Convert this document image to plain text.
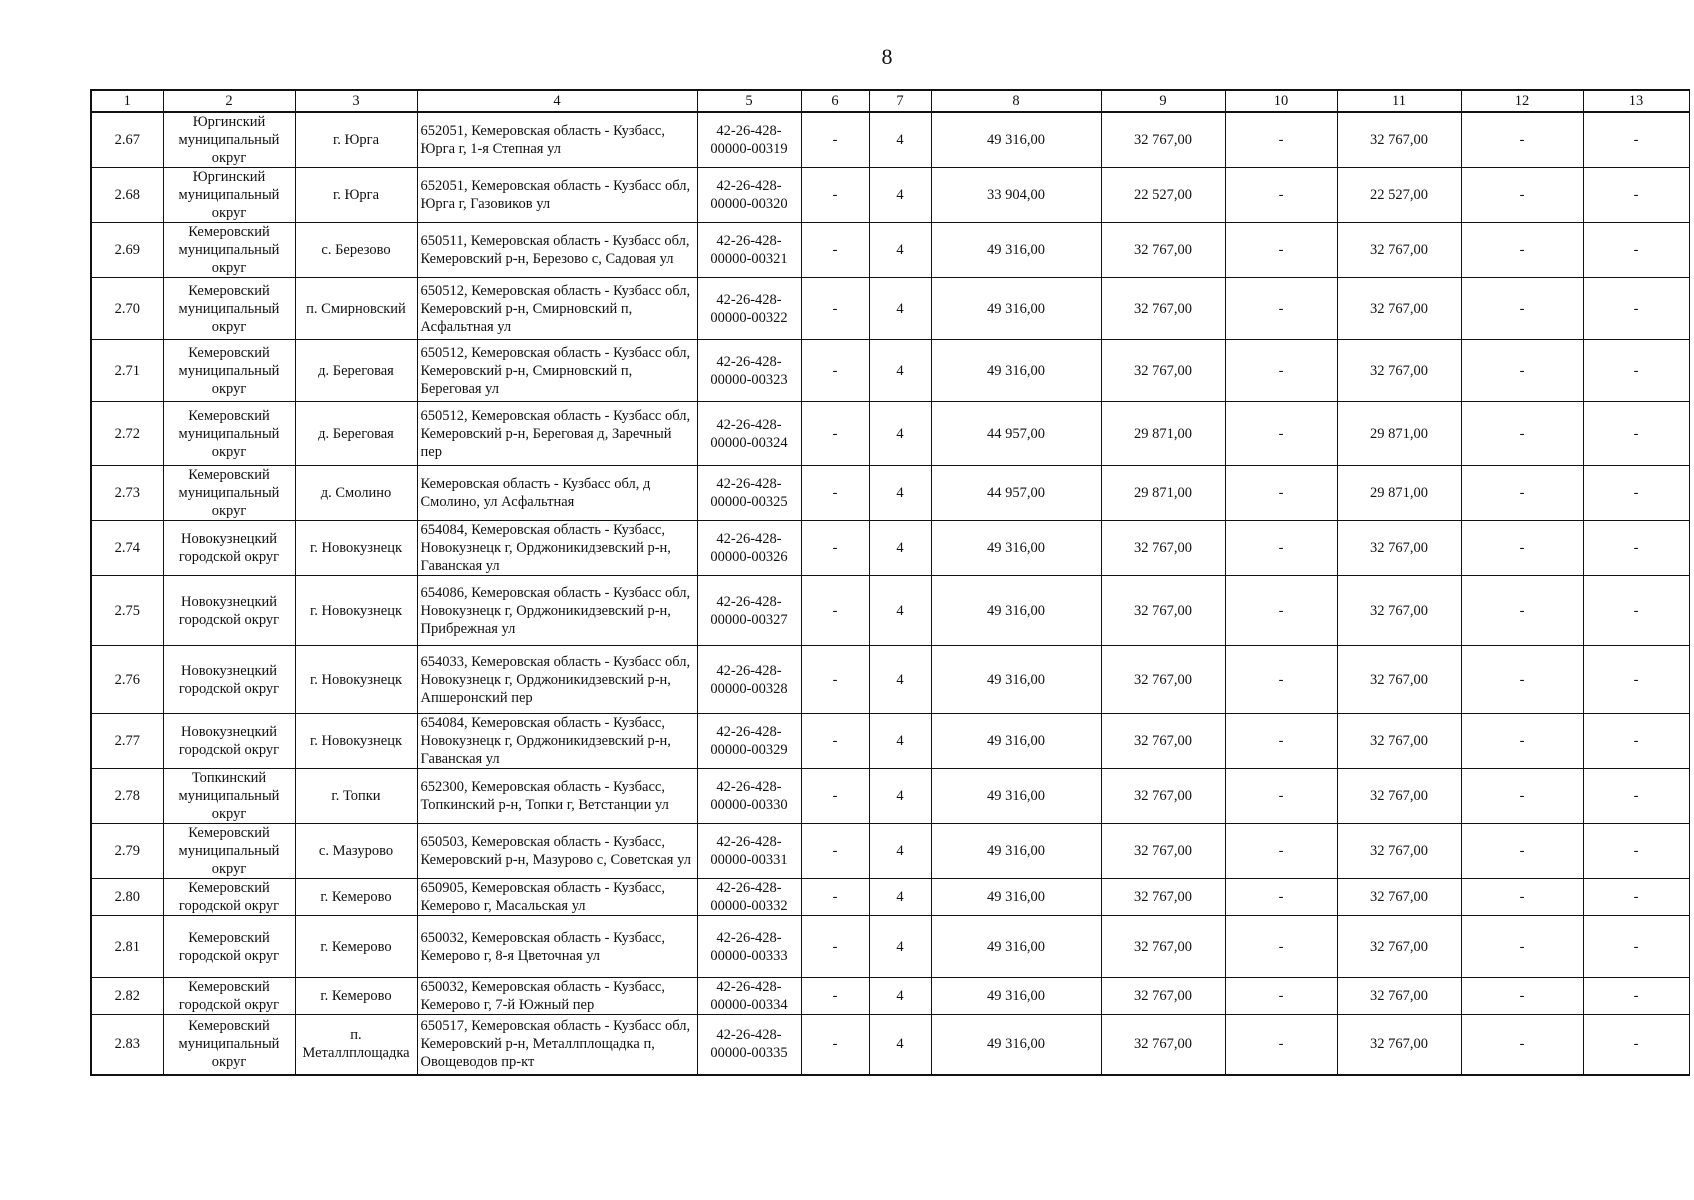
8
1	2	3	4	5	6	7	8	9	10	11	12	13
2.67	Юргинский муниципальный округ	г. Юрга	652051, Кемеровская область - Кузбасс, Юрга г, 1-я Степная ул	42-26-428-00000-00319	-	4	49 316,00	32 767,00	-	32 767,00	-	-
2.68	Юргинский муниципальный округ	г. Юрга	652051, Кемеровская область - Кузбасс обл, Юрга г, Газовиков ул	42-26-428-00000-00320	-	4	33 904,00	22 527,00	-	22 527,00	-	-
2.69	Кемеровский муниципальный округ	с. Березово	650511, Кемеровская область - Кузбасс обл, Кемеровский р-н, Березово с, Садовая ул	42-26-428-00000-00321	-	4	49 316,00	32 767,00	-	32 767,00	-	-
2.70	Кемеровский муниципальный округ	п. Смирновский	650512, Кемеровская область - Кузбасс обл, Кемеровский р-н, Смирновский п, Асфальтная ул	42-26-428-00000-00322	-	4	49 316,00	32 767,00	-	32 767,00	-	-
2.71	Кемеровский муниципальный округ	д. Береговая	650512, Кемеровская область - Кузбасс обл, Кемеровский р-н, Смирновский п, Береговая ул	42-26-428-00000-00323	-	4	49 316,00	32 767,00	-	32 767,00	-	-
2.72	Кемеровский муниципальный округ	д. Береговая	650512, Кемеровская область - Кузбасс обл, Кемеровский р-н, Береговая д, Заречный пер	42-26-428-00000-00324	-	4	44 957,00	29 871,00	-	29 871,00	-	-
2.73	Кемеровский муниципальный округ	д. Смолино	Кемеровская область - Кузбасс обл, д Смолино, ул Асфальтная	42-26-428-00000-00325	-	4	44 957,00	29 871,00	-	29 871,00	-	-
2.74	Новокузнецкий городской округ	г. Новокузнецк	654084, Кемеровская область - Кузбасс, Новокузнецк г, Орджоникидзевский р-н, Гаванская ул	42-26-428-00000-00326	-	4	49 316,00	32 767,00	-	32 767,00	-	-
2.75	Новокузнецкий городской округ	г. Новокузнецк	654086, Кемеровская область - Кузбасс обл, Новокузнецк г, Орджоникидзевский р-н, Прибрежная ул	42-26-428-00000-00327	-	4	49 316,00	32 767,00	-	32 767,00	-	-
2.76	Новокузнецкий городской округ	г. Новокузнецк	654033, Кемеровская область - Кузбасс обл, Новокузнецк г, Орджоникидзевский р-н, Апшеронский пер	42-26-428-00000-00328	-	4	49 316,00	32 767,00	-	32 767,00	-	-
2.77	Новокузнецкий городской округ	г. Новокузнецк	654084, Кемеровская область - Кузбасс, Новокузнецк г, Орджоникидзевский р-н, Гаванская ул	42-26-428-00000-00329	-	4	49 316,00	32 767,00	-	32 767,00	-	-
2.78	Топкинский муниципальный округ	г. Топки	652300, Кемеровская область - Кузбасс, Топкинский р-н, Топки г, Ветстанции ул	42-26-428-00000-00330	-	4	49 316,00	32 767,00	-	32 767,00	-	-
2.79	Кемеровский муниципальный округ	с. Мазурово	650503, Кемеровская область - Кузбасс, Кемеровский р-н, Мазурово с, Советская ул	42-26-428-00000-00331	-	4	49 316,00	32 767,00	-	32 767,00	-	-
2.80	Кемеровский городской округ	г. Кемерово	650905, Кемеровская область - Кузбасс, Кемерово г, Масальская ул	42-26-428-00000-00332	-	4	49 316,00	32 767,00	-	32 767,00	-	-
2.81	Кемеровский городской округ	г. Кемерово	650032, Кемеровская область - Кузбасс, Кемерово г, 8-я Цветочная ул	42-26-428-00000-00333	-	4	49 316,00	32 767,00	-	32 767,00	-	-
2.82	Кемеровский городской округ	г. Кемерово	650032, Кемеровская область - Кузбасс, Кемерово г, 7-й Южный пер	42-26-428-00000-00334	-	4	49 316,00	32 767,00	-	32 767,00	-	-
2.83	Кемеровский муниципальный округ	п. Металлплощадка	650517, Кемеровская область - Кузбасс обл, Кемеровский р-н, Металлплощадка п, Овощеводов пр-кт	42-26-428-00000-00335	-	4	49 316,00	32 767,00	-	32 767,00	-	-
